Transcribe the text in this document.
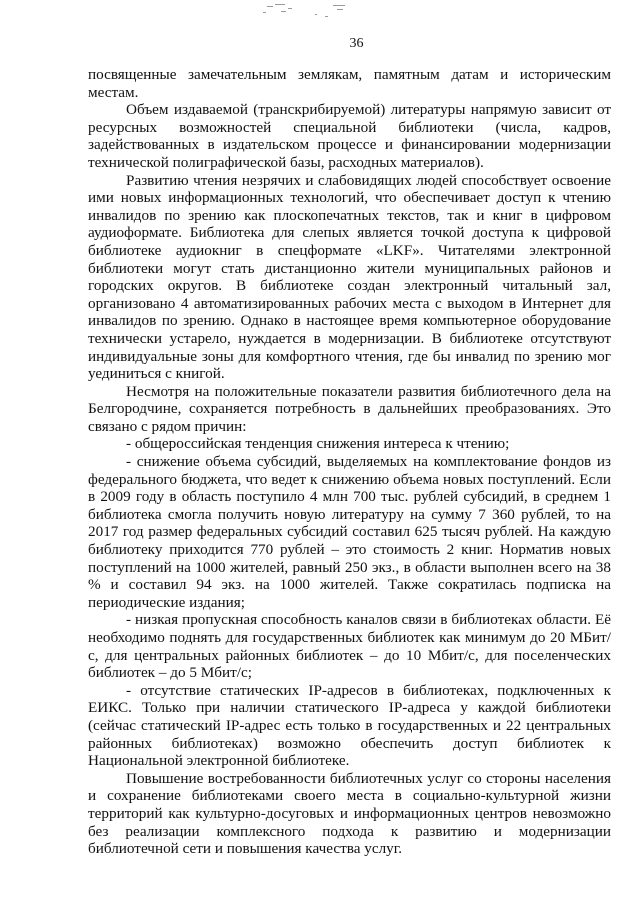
36

посвященные замечательным землякам, памятным датам и историческим местам.

Объем издаваемой (транскрибируемой) литературы напрямую зависит от ресурсных возможностей специальной библиотеки (числа, кадров, задействованных в издательском процессе и финансировании модернизации технической полиграфической базы, расходных материалов).

Развитию чтения незрячих и слабовидящих людей способствует освоение ими новых информационных технологий, что обеспечивает доступ к чтению инвалидов по зрению как плоскопечатных текстов, так и книг в цифровом аудиоформате. Библиотека для слепых является точкой доступа к цифровой библиотеке аудиокниг в спецформате «LKF». Читателями электронной библиотеки могут стать дистанционно жители муниципальных районов и городских округов. В библиотеке создан электронный читальный зал, организовано 4 автоматизированных рабочих места с выходом в Интернет для инвалидов по зрению. Однако в настоящее время компьютерное оборудование технически устарело, нуждается в модернизации. В библиотеке отсутствуют индивидуальные зоны для комфортного чтения, где бы инвалид по зрению мог уединиться с книгой.

Несмотря на положительные показатели развития библиотечного дела на Белгородчине, сохраняется потребность в дальнейших преобразованиях. Это связано с рядом причин:

- общероссийская тенденция снижения интереса к чтению;

- снижение объема субсидий, выделяемых на комплектование фондов из федерального бюджета, что ведет к снижению объема новых поступлений. Если в 2009 году в область поступило 4 млн 700 тыс. рублей субсидий, в среднем 1 библиотека смогла получить новую литературу на сумму 7 360 рублей, то на 2017 год размер федеральных субсидий составил 625 тысяч рублей. На каждую библиотеку приходится 770 рублей – это стоимость 2 книг. Норматив новых поступлений на 1000 жителей, равный 250 экз., в области выполнен всего на 38 % и составил 94 экз. на 1000 жителей. Также сократилась подписка на периодические издания;

- низкая пропускная способность каналов связи в библиотеках области. Её необходимо поднять для государственных библиотек как минимум до 20 МБит/с, для центральных районных библиотек – до 10 Мбит/с, для поселенческих библиотек – до 5 Мбит/с;

- отсутствие статических IP-адресов в библиотеках, подключенных к ЕИКС. Только при наличии статического IP-адреса у каждой библиотеки (сейчас статический IP-адрес есть только в государственных и 22 центральных районных библиотеках) возможно обеспечить доступ библиотек к Национальной электронной библиотеке.

Повышение востребованности библиотечных услуг со стороны населения и сохранение библиотеками своего места в социально-культурной жизни территорий как культурно-досуговых и информационных центров невозможно без реализации комплексного подхода к развитию и модернизации библиотечной сети и повышения качества услуг.
